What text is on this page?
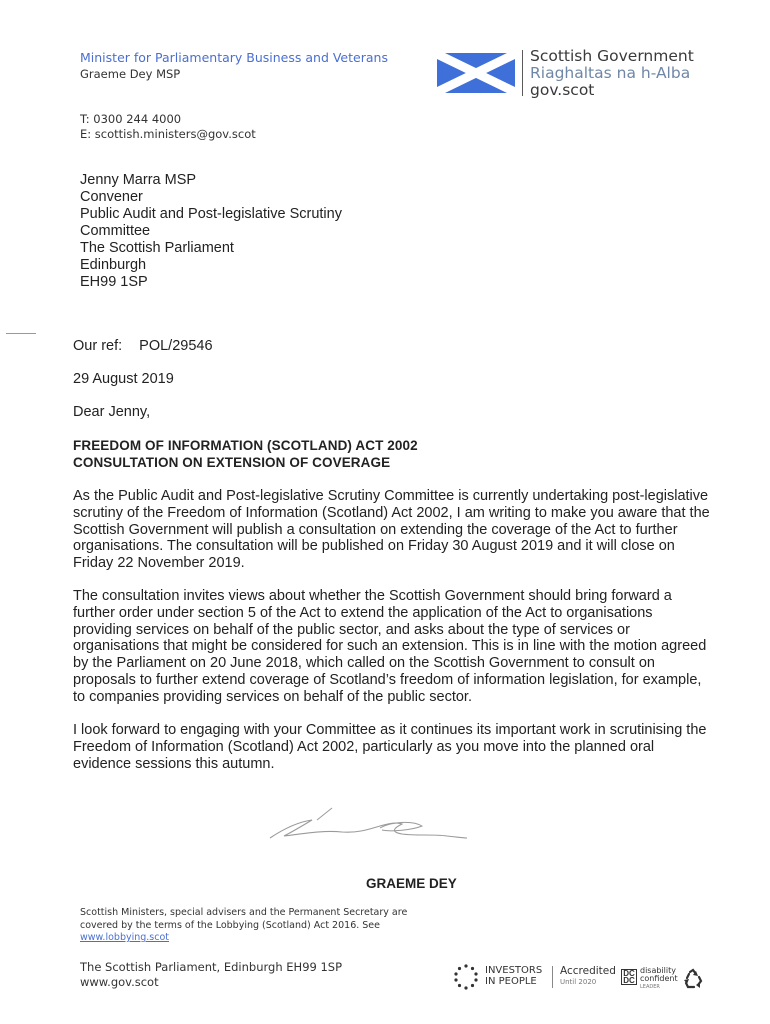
Minister for Parliamentary Business and Veterans
Graeme Dey MSP
T: 0300 244 4000
E: scottish.ministers@gov.scot
Scottish Government
Riaghaltas na h-Alba
gov.scot
Jenny Marra MSP
Convener
Public Audit and Post-legislative Scrutiny
Committee
The Scottish Parliament
Edinburgh
EH99 1SP
Our ref: POL/29546
29 August 2019
Dear Jenny,
FREEDOM OF INFORMATION (SCOTLAND) ACT 2002
CONSULTATION ON EXTENSION OF COVERAGE

As the Public Audit and Post-legislative Scrutiny Committee is currently undertaking post-legislative scrutiny of the Freedom of Information (Scotland) Act 2002, I am writing to make you aware that the Scottish Government will publish a consultation on extending the coverage of the Act to further organisations. The consultation will be published on Friday 30 August 2019 and it will close on Friday 22 November 2019.

The consultation invites views about whether the Scottish Government should bring forward a further order under section 5 of the Act to extend the application of the Act to organisations providing services on behalf of the public sector, and asks about the type of services or organisations that might be considered for such an extension. This is in line with the motion agreed by the Parliament on 20 June 2018, which called on the Scottish Government to consult on proposals to further extend coverage of Scotland’s freedom of information legislation, for example, to companies providing services on behalf of the public sector.

I look forward to engaging with your Committee as it continues its important work in scrutinising the Freedom of Information (Scotland) Act 2002, particularly as you move into the planned oral evidence sessions this autumn.

GRAEME DEY
Scottish Ministers, special advisers and the Permanent Secretary are
covered by the terms of the Lobbying (Scotland) Act 2016. See
www.lobbying.scot
The Scottish Parliament, Edinburgh EH99 1SP
www.gov.scot
INVESTORS
IN PEOPLE
Accredited
Until 2020
DC
DC
disability
confident
LEADER
